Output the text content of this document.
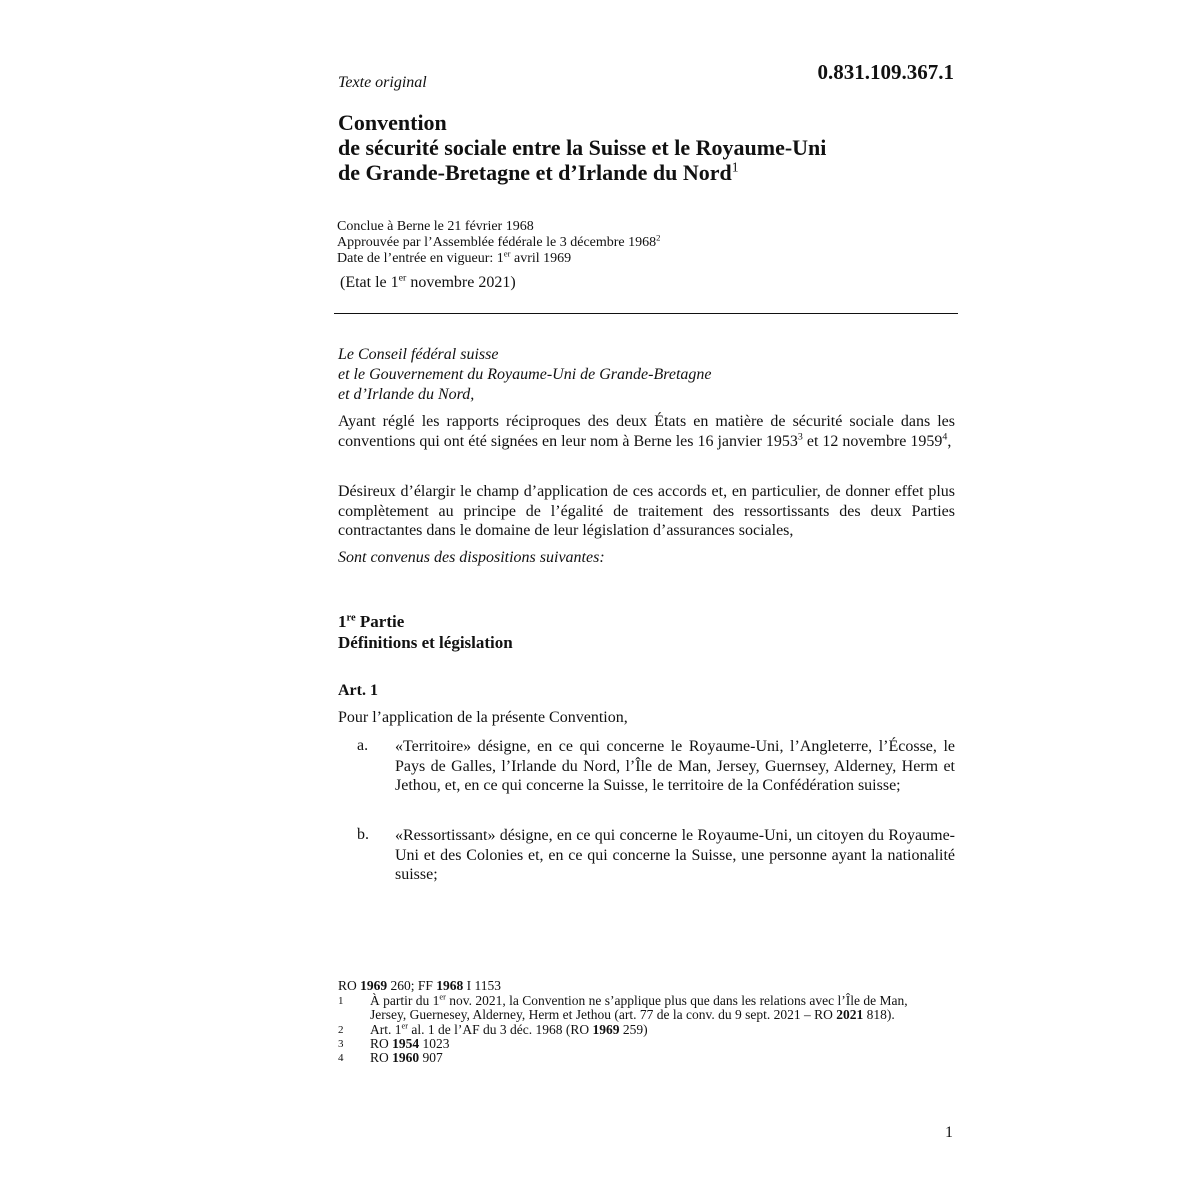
0.831.109.367.1
Texte original
Convention
de sécurité sociale entre la Suisse et le Royaume-Uni
de Grande-Bretagne et d’Irlande du Nord$^1$
Conclue à Berne le 21 février 1968
Approuvée par l’Assemblée fédérale le 3 décembre 1968$^2$
Date de l’entrée en vigueur: 1er avril 1969
(Etat le 1er novembre 2021)
Le Conseil fédéral suisse
et le Gouvernement du Royaume-Uni de Grande-Bretagne
et d’Irlande du Nord,
Ayant réglé les rapports réciproques des deux États en matière de sécurité sociale dans les conventions qui ont été signées en leur nom à Berne les 16 janvier 1953$^3$ et 12 novembre 1959$^4$,
Désireux d’élargir le champ d’application de ces accords et, en particulier, de donner effet plus complètement au principe de l’égalité de traitement des ressortissants des deux Parties contractantes dans le domaine de leur législation d’assurances sociales,
Sont convenus des dispositions suivantes:
1re Partie
Définitions et législation
Art. 1
Pour l’application de la présente Convention,
a. «Territoire» désigne, en ce qui concerne le Royaume-Uni, l’Angleterre, l’Écosse, le Pays de Galles, l’Irlande du Nord, l’Île de Man, Jersey, Guernsey, Alderney, Herm et Jethou, et, en ce qui concerne la Suisse, le territoire de la Confédération suisse;
b. «Ressortissant» désigne, en ce qui concerne le Royaume-Uni, un citoyen du Royaume-Uni et des Colonies et, en ce qui concerne la Suisse, une personne ayant la nationalité suisse;
RO 1969 260; FF 1968 I 1153
1	À partir du 1er nov. 2021, la Convention ne s’applique plus que dans les relations avec l’Île de Man, Jersey, Guernesey, Alderney, Herm et Jethou (art. 77 de la conv. du 9 sept. 2021 – RO 2021 818).
2	Art. 1er al. 1 de l’AF du 3 déc. 1968 (RO 1969 259)
3	RO 1954 1023
4	RO 1960 907
1
